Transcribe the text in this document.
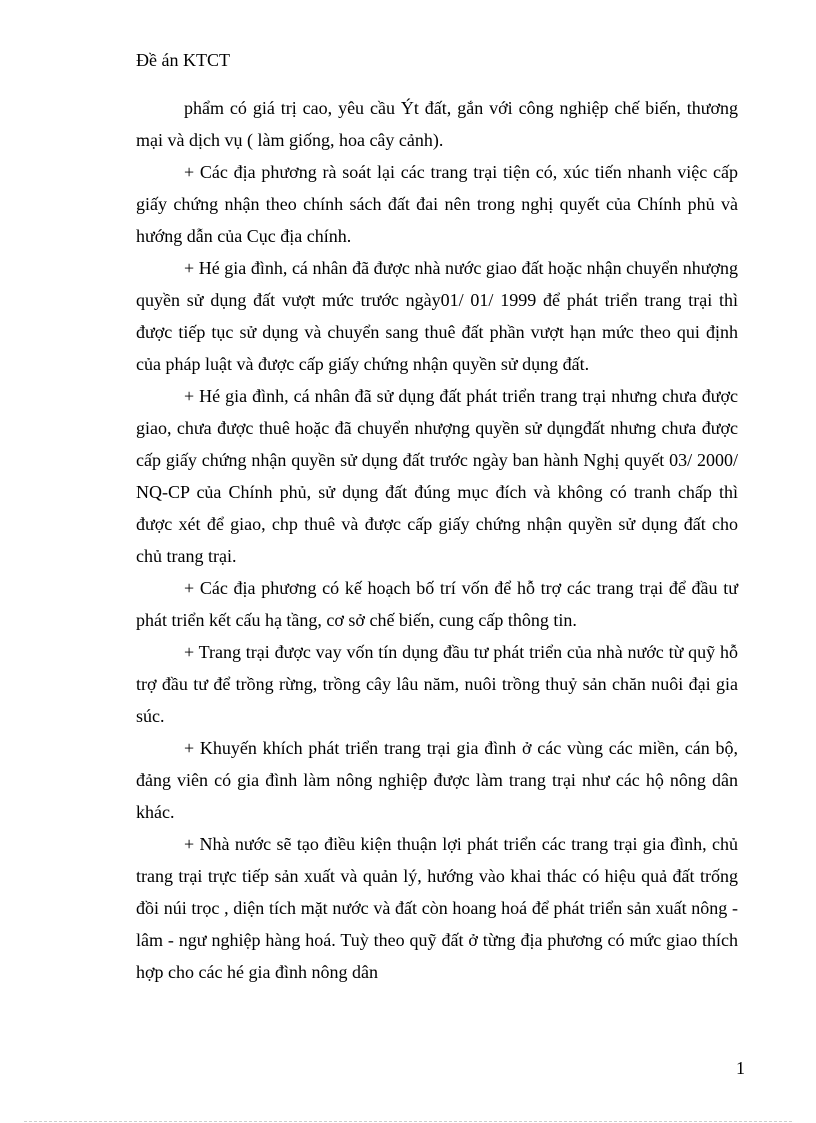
Đề án KTCT

phẩm có giá trị cao, yêu cầu Ýt đất, gắn với công nghiệp chế biến, thương mại và dịch vụ ( làm giống, hoa cây cảnh).

+ Các địa phương rà soát lại các trang trại tiện có, xúc tiến nhanh việc cấp giấy chứng nhận theo chính sách đất đai nên trong nghị quyết của Chính phủ và hướng dẫn của Cục địa chính.

+ Hé gia đình, cá nhân đã được nhà nước giao đất hoặc nhận chuyển nhượng quyền sử dụng đất vượt mức trước ngày01/ 01/ 1999 để phát triển trang trại thì được tiếp tục sử dụng và chuyển sang thuê đất phần vượt hạn mức theo qui định của pháp luật và được cấp giấy chứng nhận quyền sử dụng đất.

+ Hé gia đình, cá nhân đã sử dụng đất phát triển trang trại nhưng chưa được giao, chưa được thuê hoặc đã chuyển nhượng quyền sử dụngđất nhưng chưa được cấp giấy chứng nhận quyền sử dụng đất trước ngày ban hành Nghị quyết 03/ 2000/ NQ-CP của Chính phủ, sử dụng đất đúng mục đích và không có tranh chấp thì được xét để giao, chp thuê và được cấp giấy chứng nhận quyền sử dụng đất cho chủ trang trại.

+ Các địa phương có kế hoạch bố trí vốn để hỗ trợ các trang trại để đầu tư phát triển kết cấu hạ tầng, cơ sở chế biến, cung cấp thông tin.

+ Trang trại được vay vốn tín dụng đầu tư phát triển của nhà nước từ quỹ hỗ trợ đầu tư để trồng rừng, trồng cây lâu năm, nuôi trồng thuỷ sản chăn nuôi đại gia súc.

+ Khuyến khích phát triển trang trại gia đình ở các vùng các miền, cán bộ, đảng viên có gia đình làm nông nghiệp được làm trang trại như các hộ nông dân khác.

+ Nhà nước sẽ tạo điều kiện thuận lợi phát triển các trang trại gia đình, chủ trang trại trực tiếp sản xuất và quản lý, hướng vào khai thác có hiệu quả đất trống đồi núi trọc , diện tích mặt nước và đất còn hoang hoá để phát triển sản xuất nông - lâm - ngư nghiệp hàng hoá. Tuỳ theo quỹ đất ở từng địa phương có mức giao thích hợp cho các hé gia đình nông dân

1
